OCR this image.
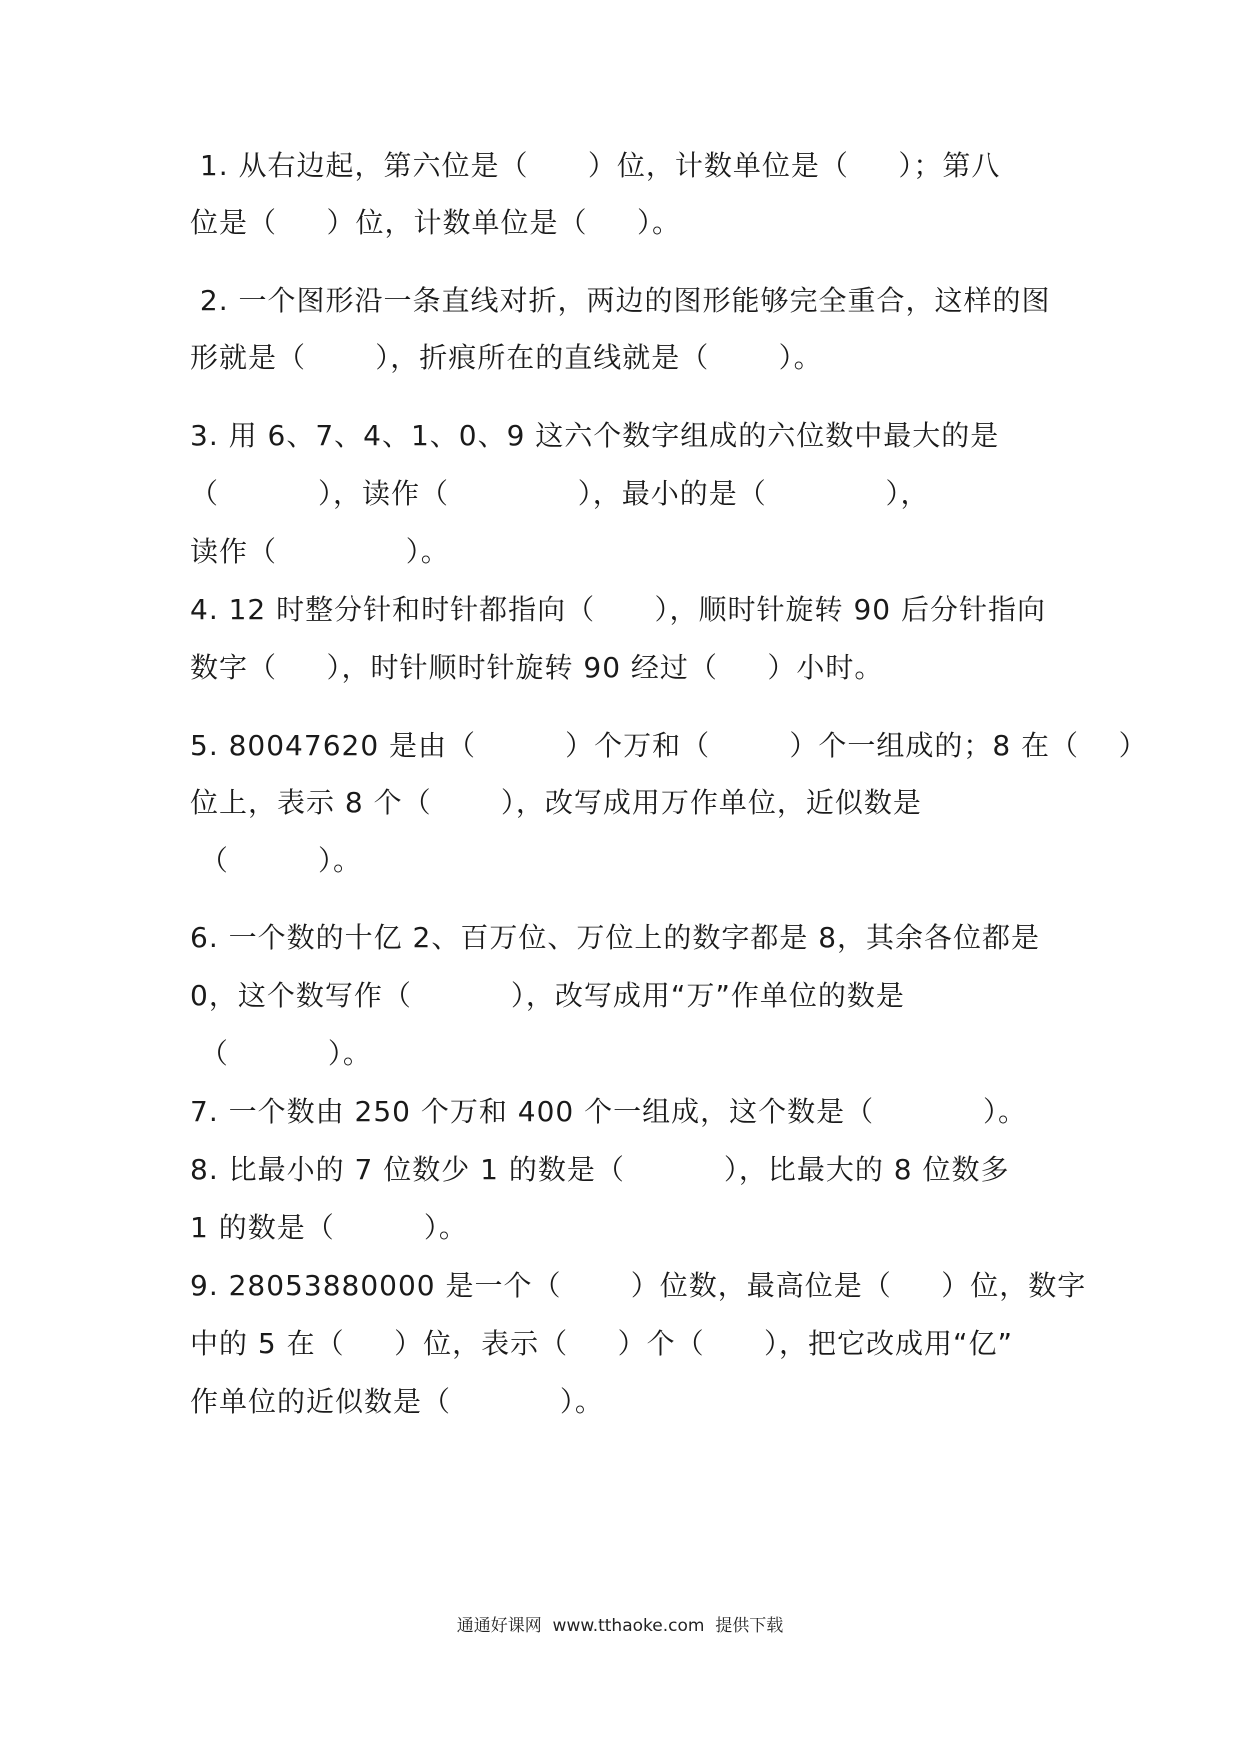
1. 从右边起，第六位是（      ）位，计数单位是（     ）；第八
位是（     ）位，计数单位是（     ）。
2. 一个图形沿一条直线对折，两边的图形能够完全重合，这样的图
形就是（       ），折痕所在的直线就是（       ）。
3. 用 6、7、4、1、0、9 这六个数字组成的六位数中最大的是
（          ），读作（             ），最小的是（            ），
读作（             ）。
4. 12 时整分针和时针都指向（      ），顺时针旋转 90 后分针指向
数字（     ），时针顺时针旋转 90 经过（     ）小时。
5. 80047620 是由（         ）个万和（        ）个一组成的；8 在（    ）
位上，表示 8 个（       ），改写成用万作单位，近似数是
（         ）。
6. 一个数的十亿 2、百万位、万位上的数字都是 8，其余各位都是
0，这个数写作（          ），改写成用“万”作单位的数是
（          ）。
7. 一个数由 250 个万和 400 个一组成，这个数是（           ）。
8. 比最小的 7 位数少 1 的数是（          ），比最大的 8 位数多
1 的数是（         ）。
9. 28053880000 是一个（       ）位数，最高位是（     ）位，数字
中的 5 在（     ）位，表示（     ）个（      ），把它改成用“亿”
作单位的近似数是（           ）。
通通好课网  www.tthaoke.com  提供下载
